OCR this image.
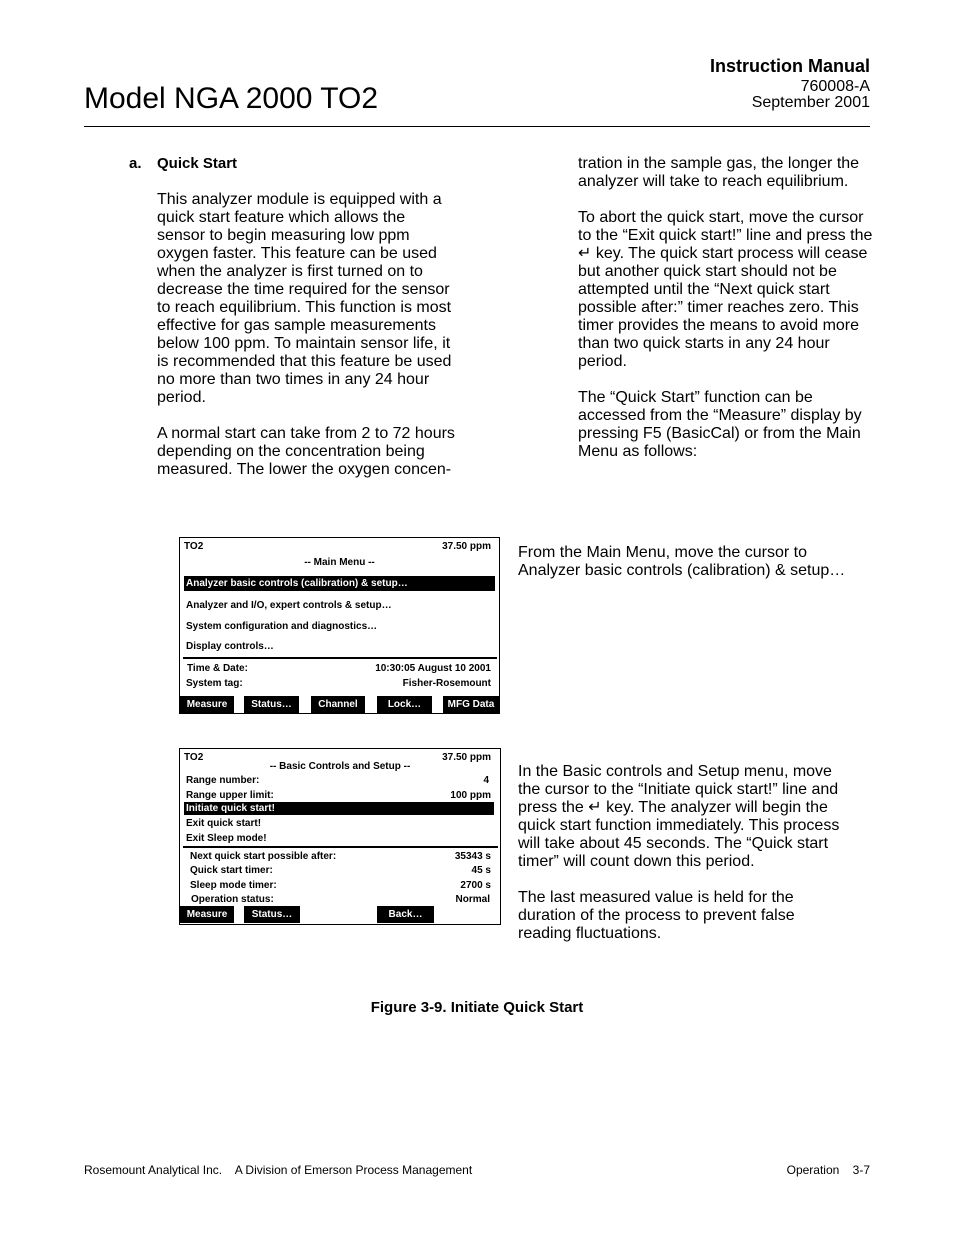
Instruction Manual
760008-A
September 2001
Model NGA 2000 TO2
a. Quick Start

This analyzer module is equipped with a quick start feature which allows the sensor to begin measuring low ppm oxygen faster. This feature can be used when the analyzer is first turned on to decrease the time required for the sensor to reach equilibrium. This function is most effective for gas sample measurements below 100 ppm. To maintain sensor life, it is recommended that this feature be used no more than two times in any 24 hour period.

A normal start can take from 2 to 72 hours depending on the concentration being measured. The lower the oxygen concen-

tration in the sample gas, the longer the analyzer will take to reach equilibrium.

To abort the quick start, move the cursor to the “Exit quick start!” line and press the ↵ key. The quick start process will cease but another quick start should not be attempted until the “Next quick start possible after:” timer reaches zero. This timer provides the means to avoid more than two quick starts in any 24 hour period.

The “Quick Start” function can be accessed from the “Measure” display by pressing F5 (BasicCal) or from the Main Menu as follows:

TO2	37.50 ppm
-- Main Menu --
Analyzer basic controls (calibration) & setup…
Analyzer and I/O, expert controls & setup…
System configuration and diagnostics…
Display controls…
Time & Date:	10:30:05 August 10 2001
System tag:	Fisher-Rosemount
Measure	Status…	Channel	Lock…	MFG Data
From the Main Menu, move the cursor to Analyzer basic controls (calibration) & setup…
TO2	37.50 ppm
-- Basic Controls and Setup --
Range number:	4
Range upper limit:	100 ppm
Initiate quick start!
Exit quick start!
Exit Sleep mode!
Next quick start possible after:	35343 s
Quick start timer:	45 s
Sleep mode timer:	2700 s
Operation status:	Normal
Measure	Status…	Back…

In the Basic controls and Setup menu, move the cursor to the “Initiate quick start!” line and press the ↵ key. The analyzer will begin the quick start function immediately. This process will take about 45 seconds. The “Quick start timer” will count down this period.

The last measured value is held for the duration of the process to prevent false reading fluctuations.

Figure 3-9. Initiate Quick Start
Rosemount Analytical Inc.    A Division of Emerson Process Management	Operation    3-7
